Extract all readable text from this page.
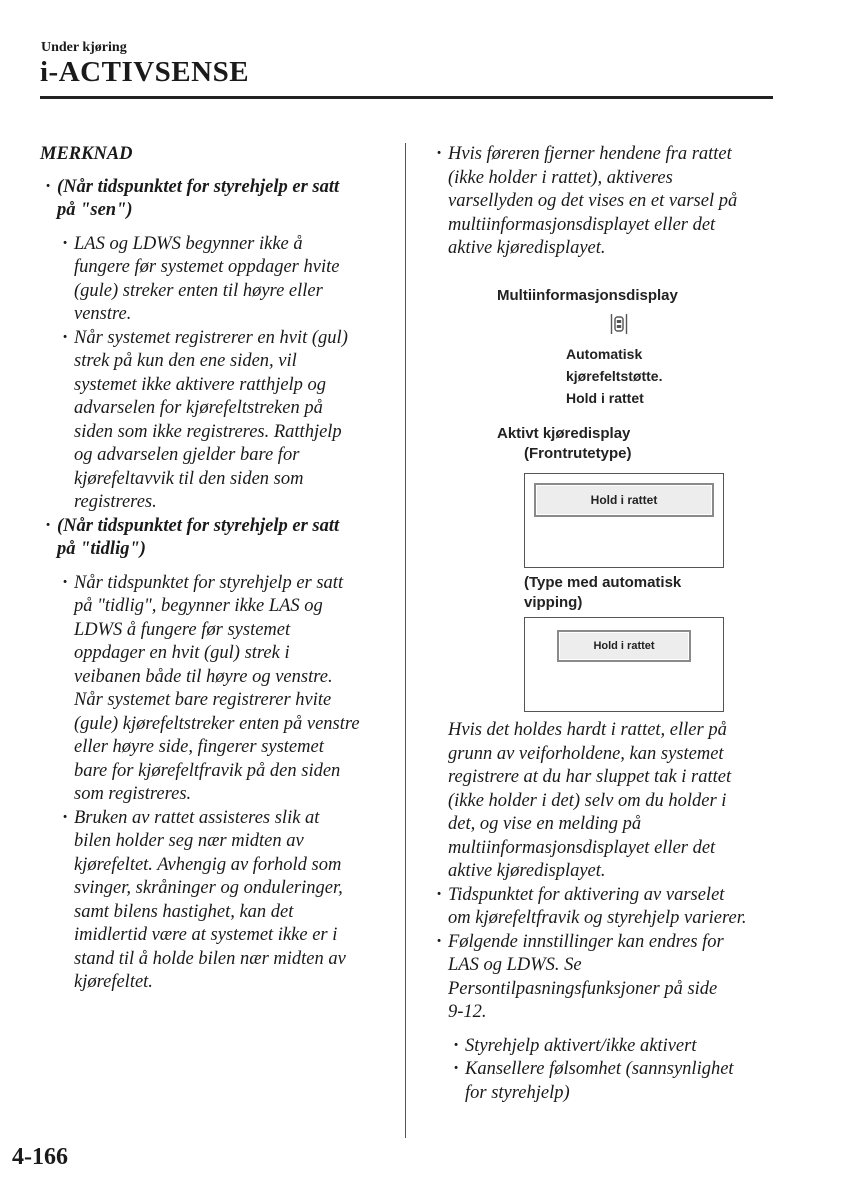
Under kjøring
i-ACTIVSENSE
MERKNAD
· (Når tidspunktet for styrehjelp er satt
på "sen")
· LAS og LDWS begynner ikke å
fungere før systemet oppdager hvite
(gule) streker enten til høyre eller
venstre.
· Når systemet registrerer en hvit (gul)
strek på kun den ene siden, vil
systemet ikke aktivere ratthjelp og
advarselen for kjørefeltstreken på
siden som ikke registreres. Ratthjelp
og advarselen gjelder bare for
kjørefeltavvik til den siden som
registreres.
· (Når tidspunktet for styrehjelp er satt
på "tidlig")
· Når tidspunktet for styrehjelp er satt
på "tidlig", begynner ikke LAS og
LDWS å fungere før systemet
oppdager en hvit (gul) strek i
veibanen både til høyre og venstre.
Når systemet bare registrerer hvite
(gule) kjørefeltstreker enten på venstre
eller høyre side, fingerer systemet
bare for kjørefeltfravik på den siden
som registreres.
· Bruken av rattet assisteres slik at
bilen holder seg nær midten av
kjørefeltet. Avhengig av forhold som
svinger, skråninger og onduleringer,
samt bilens hastighet, kan det
imidlertid være at systemet ikke er i
stand til å holde bilen nær midten av
kjørefeltet.
· Hvis føreren fjerner hendene fra rattet
(ikke holder i rattet), aktiveres
varsellyden og det vises en et varsel på
multiinformasjonsdisplayet eller det
aktive kjøredisplayet.
Multiinformasjonsdisplay
Automatisk
kjørefeltstøtte.
Hold i rattet
Aktivt kjøredisplay
(Frontrutetype)
Hold i rattet
(Type med automatisk
vipping)
Hold i rattet
Hvis det holdes hardt i rattet, eller på
grunn av veiforholdene, kan systemet
registrere at du har sluppet tak i rattet
(ikke holder i det) selv om du holder i
det, og vise en melding på
multiinformasjonsdisplayet eller det
aktive kjøredisplayet.
· Tidspunktet for aktivering av varselet
om kjørefeltfravik og styrehjelp varierer.
· Følgende innstillinger kan endres for
LAS og LDWS. Se
Persontilpasningsfunksjoner på side
9-12.
· Styrehjelp aktivert/ikke aktivert
· Kansellere følsomhet (sannsynlighet
for styrehjelp)
4-166
